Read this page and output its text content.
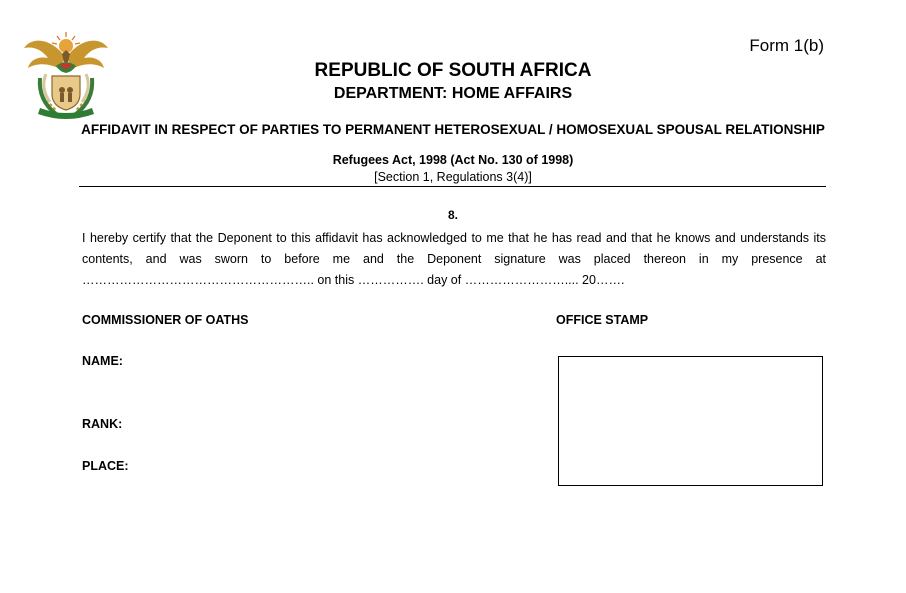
Form 1(b)
REPUBLIC OF SOUTH AFRICA
DEPARTMENT: HOME AFFAIRS
AFFIDAVIT IN RESPECT OF PARTIES TO PERMANENT HETEROSEXUAL / HOMOSEXUAL SPOUSAL RELATIONSHIP
Refugees Act, 1998 (Act No. 130 of 1998)
[Section 1, Regulations 3(4)]
8.
I hereby certify that the Deponent to this affidavit has acknowledged to me that he has read and that he knows and understands its contents, and was sworn to before me and the Deponent signature was placed thereon in my presence at ……………………………………………….. on this ……………. day of …………………….... 20…….
COMMISSIONER OF OATHS	OFFICE STAMP
NAME:
RANK:
PLACE:
